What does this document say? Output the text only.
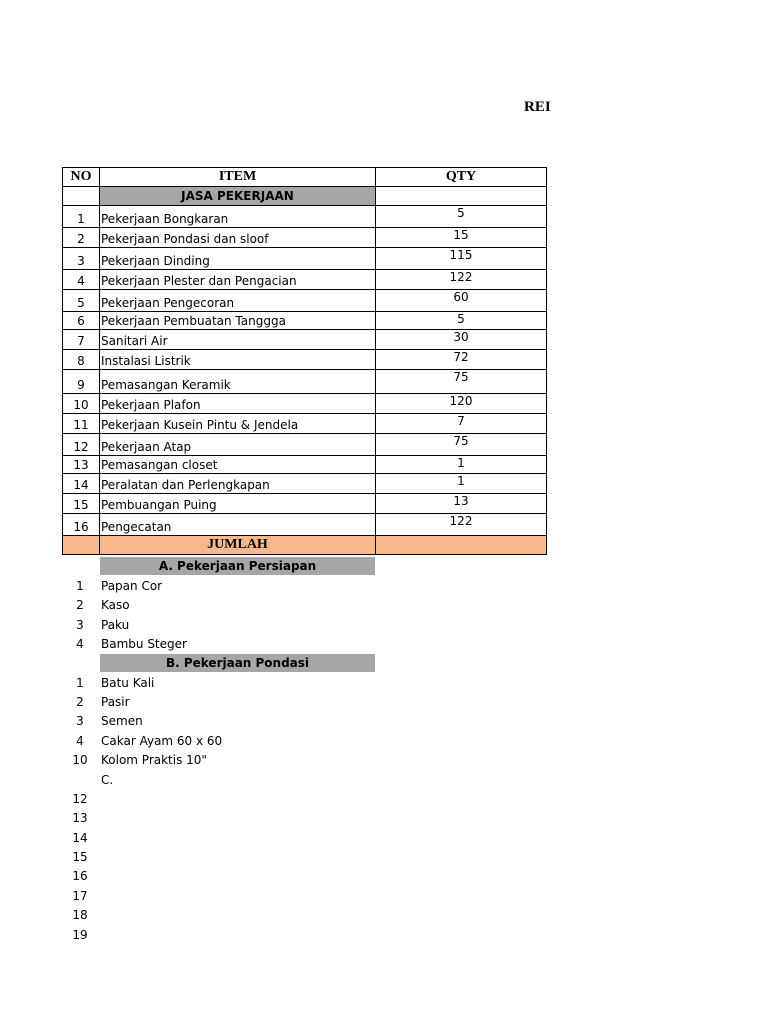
REI
NO	ITEM	QTY
	JASA PEKERJAAN	
1	Pekerjaan Bongkaran	5
2	Pekerjaan Pondasi dan sloof	15
3	Pekerjaan Dinding	115
4	Pekerjaan Plester dan Pengacian	122
5	Pekerjaan Pengecoran	60
6	Pekerjaan Pembuatan Tanggga	5
7	Sanitari Air	30
8	Instalasi Listrik	72
9	Pemasangan Keramik	75
10	Pekerjaan Plafon	120
11	Pekerjaan Kusein Pintu & Jendela	7
12	Pekerjaan Atap	75
13	Pemasangan closet	1
14	Peralatan dan Perlengkapan	1
15	Pembuangan Puing	13
16	Pengecatan	122
	JUMLAH	
A. Pekerjaan Persiapan
1	Papan Cor
2	Kaso
3	Paku
4	Bambu Steger
B. Pekerjaan Pondasi
1	Batu Kali
2	Pasir
3	Semen
4	Cakar Ayam 60 x 60
10	Kolom Praktis 10"
C.
12
13
14
15
16
17
18
19
